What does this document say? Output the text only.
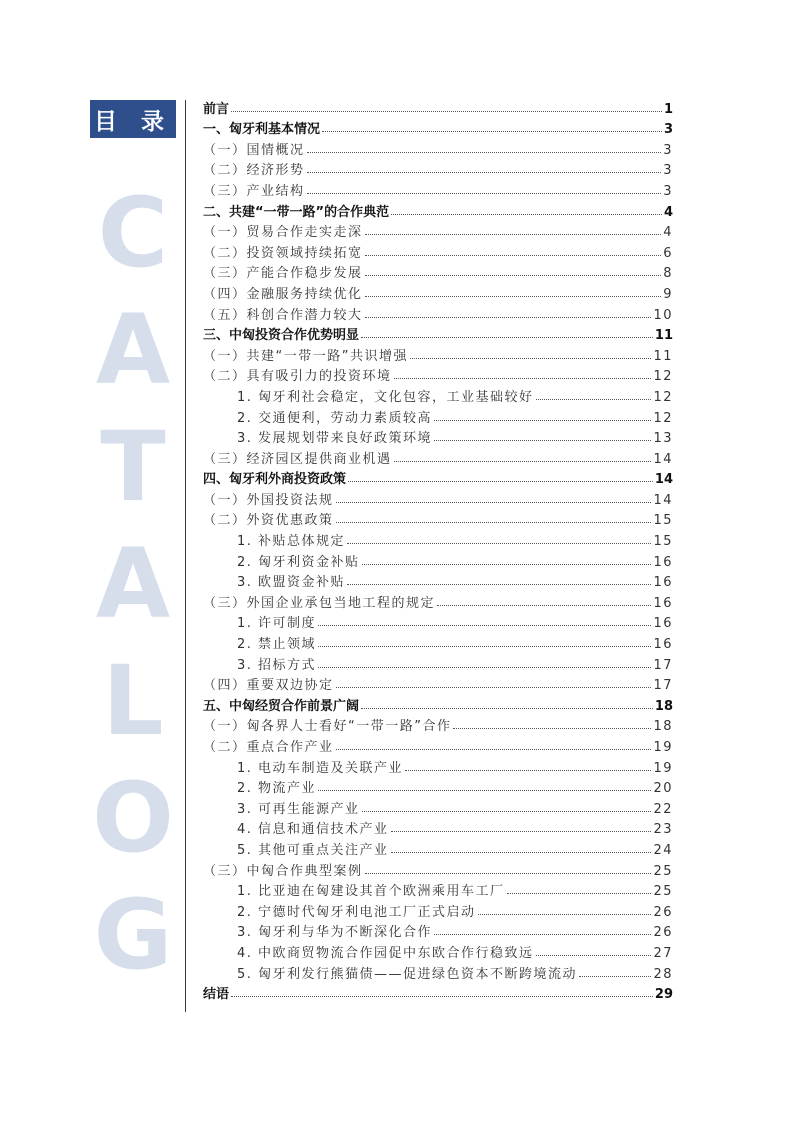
目 录
C
A
T
A
L
O
G
前言	1
一、匈牙利基本情况	3
（一）国情概况	3
（二）经济形势	3
（三）产业结构	3
二、共建“一带一路”的合作典范	4
（一）贸易合作走实走深	4
（二）投资领域持续拓宽	6
（三）产能合作稳步发展	8
（四）金融服务持续优化	9
（五）科创合作潜力较大	10
三、中匈投资合作优势明显	11
（一）共建“一带一路”共识增强	11
（二）具有吸引力的投资环境	12
1. 匈牙利社会稳定，文化包容，工业基础较好	12
2. 交通便利，劳动力素质较高	12
3. 发展规划带来良好政策环境	13
（三）经济园区提供商业机遇	14
四、匈牙利外商投资政策	14
（一）外国投资法规	14
（二）外资优惠政策	15
1. 补贴总体规定	15
2. 匈牙利资金补贴	16
3. 欧盟资金补贴	16
（三）外国企业承包当地工程的规定	16
1. 许可制度	16
2. 禁止领域	16
3. 招标方式	17
（四）重要双边协定	17
五、中匈经贸合作前景广阔	18
（一）匈各界人士看好“一带一路”合作	18
（二）重点合作产业	19
1. 电动车制造及关联产业	19
2. 物流产业	20
3. 可再生能源产业	22
4. 信息和通信技术产业	23
5. 其他可重点关注产业	24
（三）中匈合作典型案例	25
1. 比亚迪在匈建设其首个欧洲乘用车工厂	25
2. 宁德时代匈牙利电池工厂正式启动	26
3. 匈牙利与华为不断深化合作	26
4. 中欧商贸物流合作园促中东欧合作行稳致远	27
5. 匈牙利发行熊猫债——促进绿色资本不断跨境流动	28
结语	29
